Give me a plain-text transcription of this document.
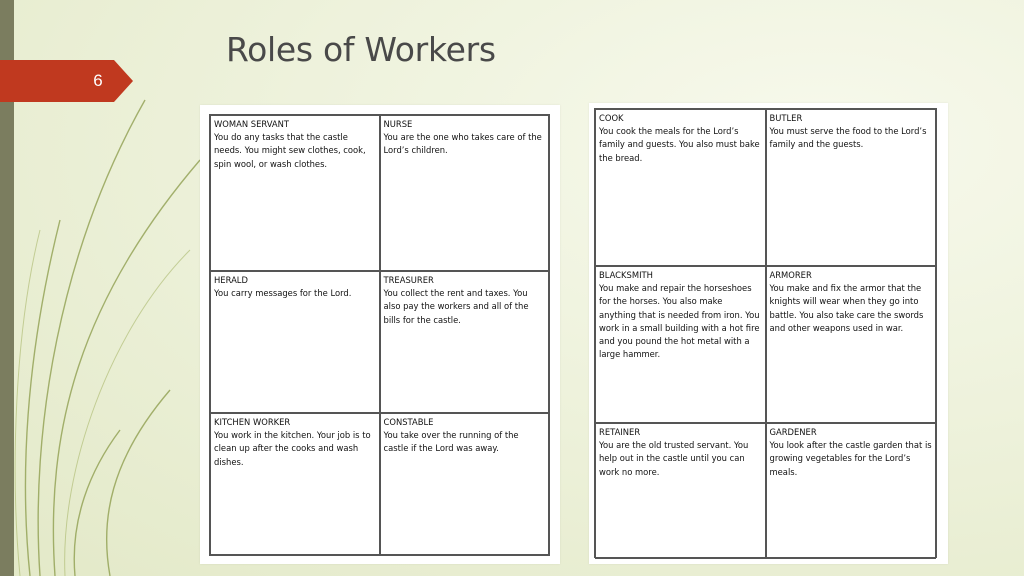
6
Roles of Workers
WOMAN SERVANT
You do any tasks that the castle needs. You might sew clothes, cook, spin wool, or wash clothes.
NURSE
You are the one who takes care of the Lord’s children.
HERALD
You carry messages for the Lord.
TREASURER
You collect the rent and taxes. You also pay the workers and all of the bills for the castle.
KITCHEN WORKER
You work in the kitchen. Your job is to clean up after the cooks and wash dishes.
CONSTABLE
You take over the running of the castle if the Lord was away.
COOK
You cook the meals for the Lord’s family and guests. You also must bake the bread.
BUTLER
You must serve the food to the Lord’s family and the guests.
BLACKSMITH
You make and repair the horseshoes for the horses. You also make anything that is needed from iron. You work in a small building with a hot fire and you pound the hot metal with a large hammer.
ARMORER
You make and fix the armor that the knights will wear when they go into battle. You also take care the swords and other weapons used in war.
RETAINER
You are the old trusted servant. You help out in the castle until you can work no more.
GARDENER
You look after the castle garden that is growing vegetables for the Lord’s meals.
